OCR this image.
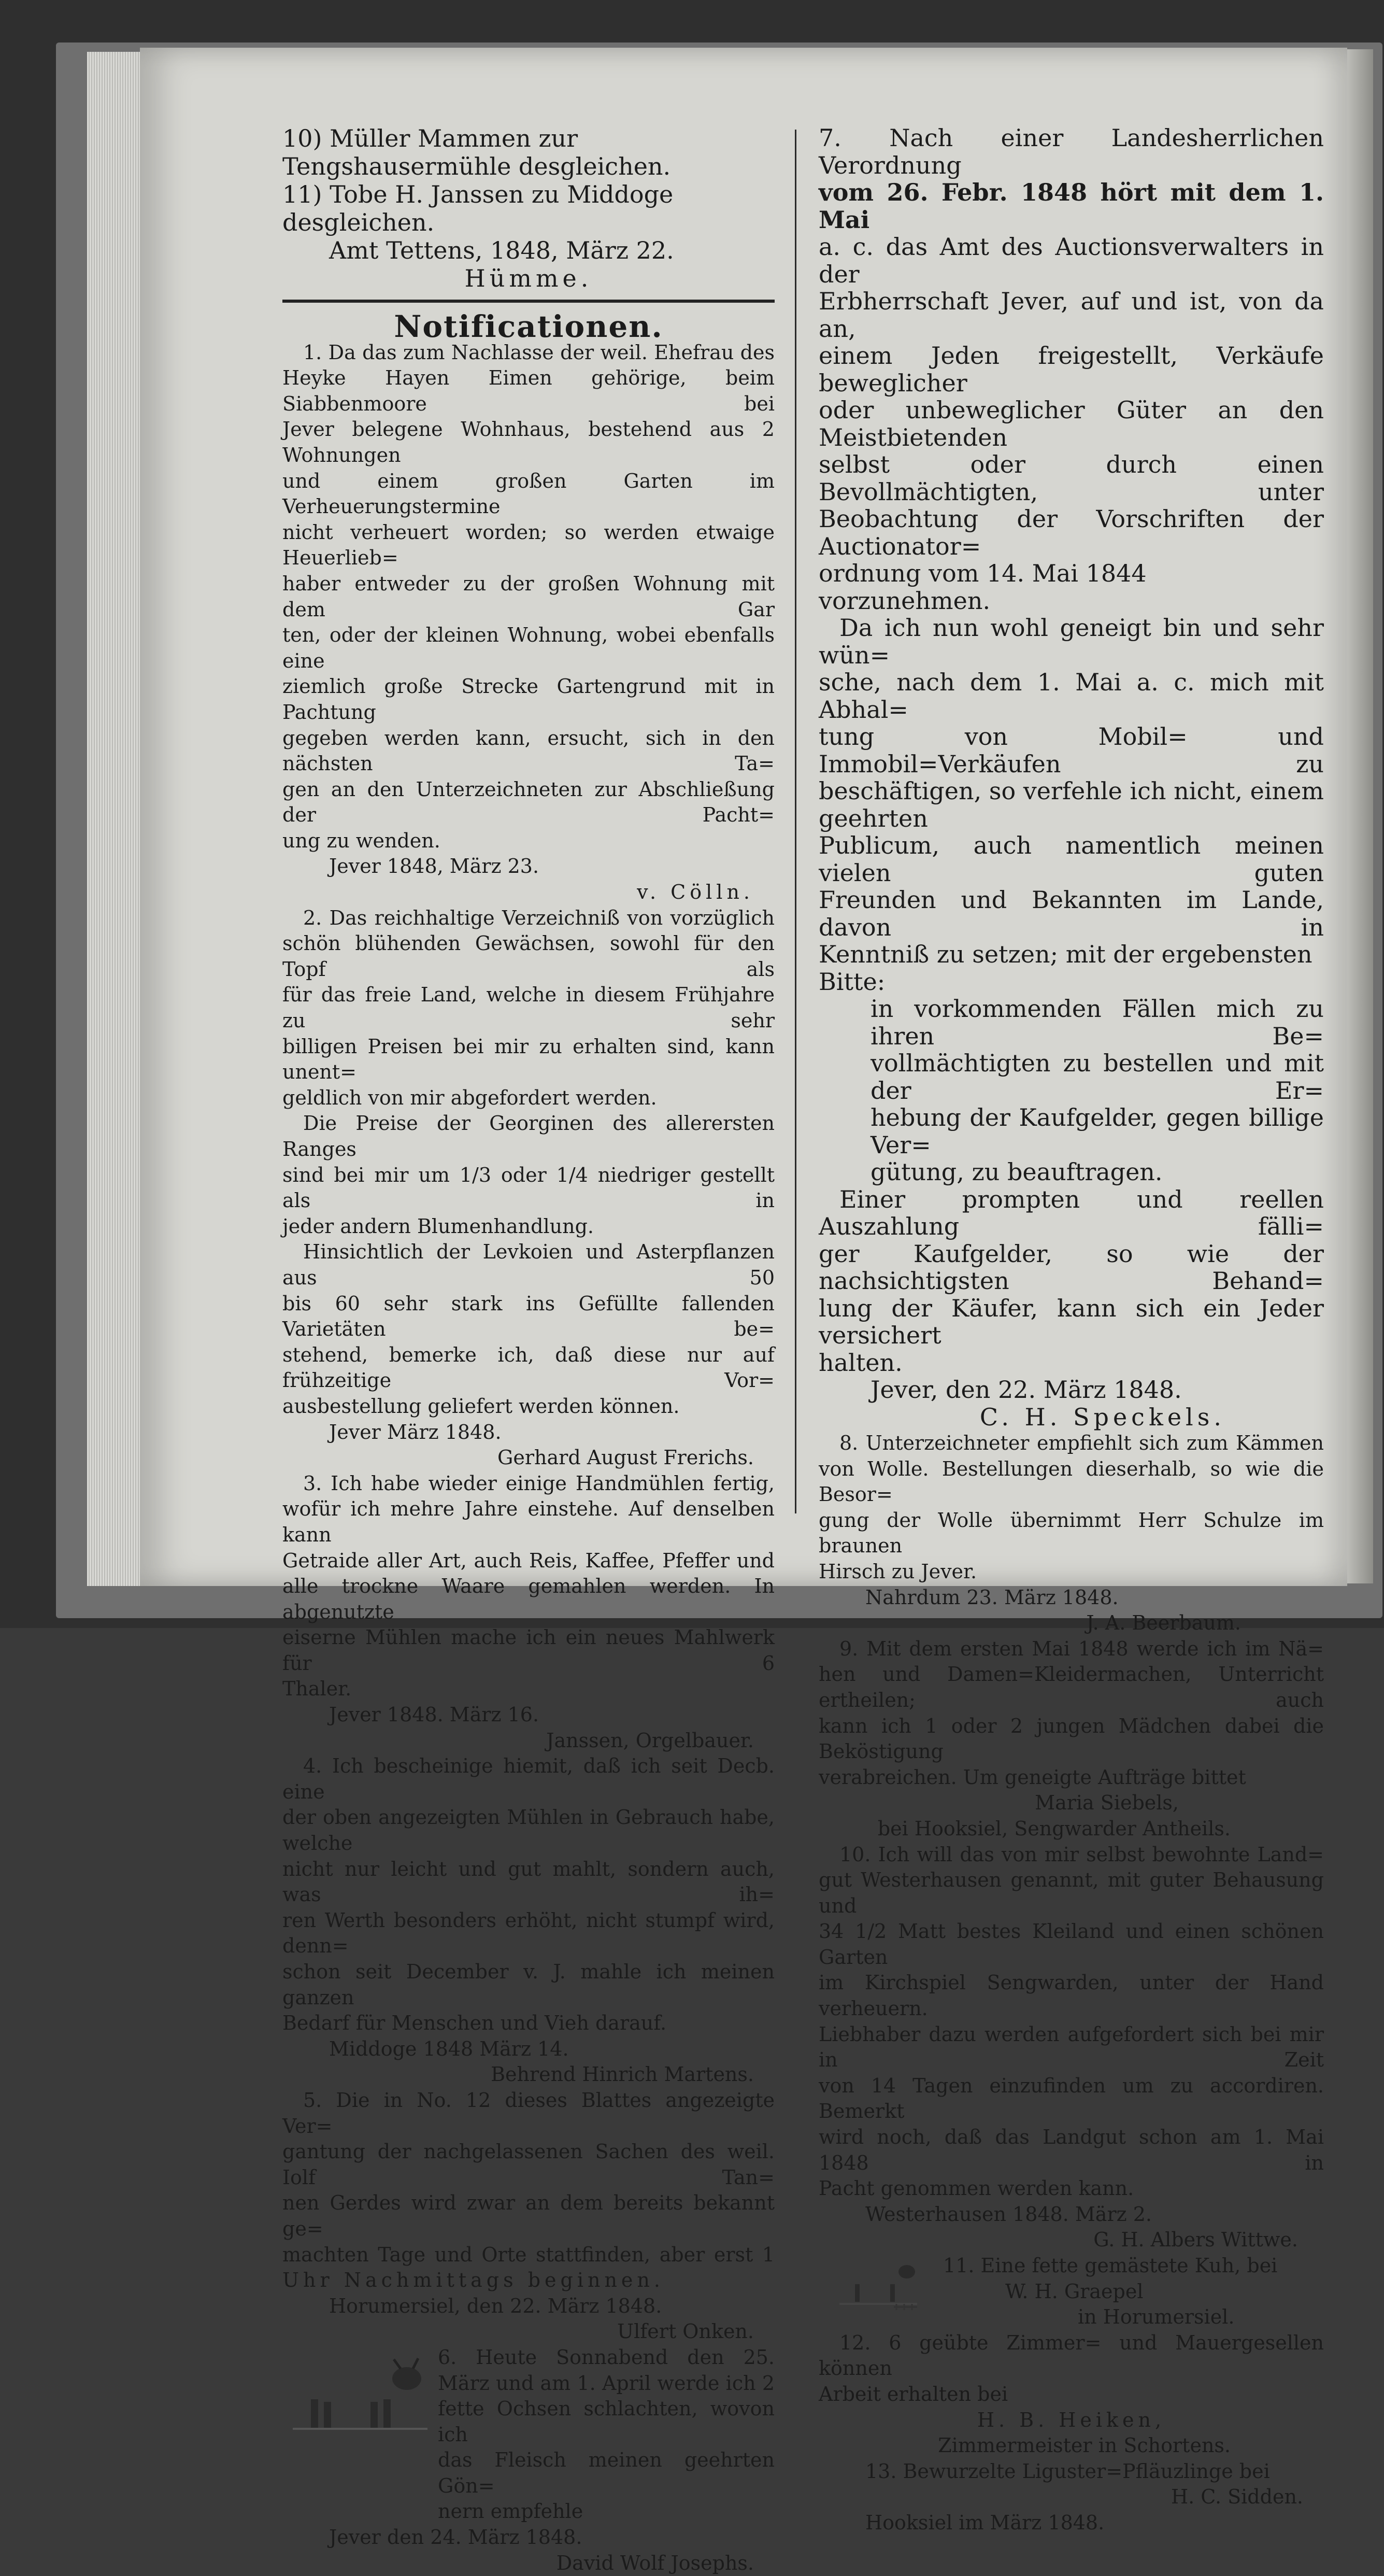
10) Müller Mammen zur Tengshausermühle desgleichen.

11) Tobe H. Janssen zu Middoge desgleichen.

Amt Tettens, 1848, März 22.

Hümme.

Notificationen.

1. Da das zum Nachlasse der weil. Ehefrau des

Heyke Hayen Eimen gehörige, beim Siabbenmoore bei

Jever belegene Wohnhaus, bestehend aus 2 Wohnungen

und einem großen Garten im Verheuerungstermine

nicht verheuert worden; so werden etwaige Heuerlieb=

haber entweder zu der großen Wohnung mit dem Gar

ten, oder der kleinen Wohnung, wobei ebenfalls eine

ziemlich große Strecke Gartengrund mit in Pachtung

gegeben werden kann, ersucht, sich in den nächsten Ta=

gen an den Unterzeichneten zur Abschließung der Pacht=

ung zu wenden.

Jever 1848, März 23.

v. Cölln.

2. Das reichhaltige Verzeichniß von vorzüglich

schön blühenden Gewächsen, sowohl für den Topf als

für das freie Land, welche in diesem Frühjahre zu sehr

billigen Preisen bei mir zu erhalten sind, kann unent=

geldlich von mir abgefordert werden.

Die Preise der Georginen des allerersten Ranges

sind bei mir um 1/3 oder 1/4 niedriger gestellt als in

jeder andern Blumenhandlung.

Hinsichtlich der Levkoien und Asterpflanzen aus 50

bis 60 sehr stark ins Gefüllte fallenden Varietäten be=

stehend, bemerke ich, daß diese nur auf frühzeitige Vor=

ausbestellung geliefert werden können.

Jever März 1848.

Gerhard August Frerichs.

3. Ich habe wieder einige Handmühlen fertig,

wofür ich mehre Jahre einstehe. Auf denselben kann

Getraide aller Art, auch Reis, Kaffee, Pfeffer und

alle trockne Waare gemahlen werden. In abgenutzte

eiserne Mühlen mache ich ein neues Mahlwerk für 6

Thaler.

Jever 1848. März 16.

Janssen, Orgelbauer.

4. Ich bescheinige hiemit, daß ich seit Decb. eine

der oben angezeigten Mühlen in Gebrauch habe, welche

nicht nur leicht und gut mahlt, sondern auch, was ih=

ren Werth besonders erhöht, nicht stumpf wird, denn=

schon seit December v. J. mahle ich meinen ganzen

Bedarf für Menschen und Vieh darauf.

Middoge 1848 März 14.

Behrend Hinrich Martens.

5. Die in No. 12 dieses Blattes angezeigte Ver=

gantung der nachgelassenen Sachen des weil. Iolf Tan=

nen Gerdes wird zwar an dem bereits bekannt ge=

machten Tage und Orte stattfinden, aber erst 1

Uhr Nachmittags beginnen.

Horumersiel, den 22. März 1848.

Ulfert Onken.

6. Heute Sonnabend den 25.

März und am 1. April werde ich 2

fette Ochsen schlachten, wovon ich

das Fleisch meinen geehrten Gön=

nern empfehle

Jever den 24. März 1848.

David Wolf Josephs.

7. Nach einer Landesherrlichen Verordnung

vom 26. Febr. 1848 hört mit dem 1. Mai

a. c. das Amt des Auctionsverwalters in der

Erbherrschaft Jever, auf und ist, von da an,

einem Jeden freigestellt, Verkäufe beweglicher

oder unbeweglicher Güter an den Meistbietenden

selbst oder durch einen Bevollmächtigten, unter

Beobachtung der Vorschriften der Auctionator=

ordnung vom 14. Mai 1844 vorzunehmen.

Da ich nun wohl geneigt bin und sehr wün=

sche, nach dem 1. Mai a. c. mich mit Abhal=

tung von Mobil= und Immobil=Verkäufen zu

beschäftigen, so verfehle ich nicht, einem geehrten

Publicum, auch namentlich meinen vielen guten

Freunden und Bekannten im Lande, davon in

Kenntniß zu setzen; mit der ergebensten Bitte:

in vorkommenden Fällen mich zu ihren Be=

vollmächtigten zu bestellen und mit der Er=

hebung der Kaufgelder, gegen billige Ver=

gütung, zu beauftragen.

Einer prompten und reellen Auszahlung fälli=

ger Kaufgelder, so wie der nachsichtigsten Behand=

lung der Käufer, kann sich ein Jeder versichert

halten.

Jever, den 22. März 1848.

C. H. Speckels.

8. Unterzeichneter empfiehlt sich zum Kämmen

von Wolle. Bestellungen dieserhalb, so wie die Besor=

gung der Wolle übernimmt Herr Schulze im braunen

Hirsch zu Jever.

Nahrdum 23. März 1848.

J. A. Beerbaum.

9. Mit dem ersten Mai 1848 werde ich im Nä=

hen und Damen=Kleidermachen, Unterricht ertheilen; auch

kann ich 1 oder 2 jungen Mädchen dabei die Beköstigung

verabreichen. Um geneigte Aufträge bittet

Maria Siebels,

bei Hooksiel, Sengwarder Antheils.

10. Ich will das von mir selbst bewohnte Land=

gut Westerhausen genannt, mit guter Behausung und

34 1/2 Matt bestes Kleiland und einen schönen Garten

im Kirchspiel Sengwarden, unter der Hand verheuern.

Liebhaber dazu werden aufgefordert sich bei mir in Zeit

von 14 Tagen einzufinden um zu accordiren. Bemerkt

wird noch, daß das Landgut schon am 1. Mai 1848 in

Pacht genommen werden kann.

Westerhausen 1848. März 2.

G. H. Albers Wittwe.

11. Eine fette gemästete Kuh, bei

W. H. Graepel

in Horumersiel.

12. 6 geübte Zimmer= und Mauergesellen können

Arbeit erhalten bei

H. B. Heiken,

Zimmermeister in Schortens.

13. Bewurzelte Liguster=Pfläuzlinge bei

H. C. Sidden.

Hooksiel im März 1848.
